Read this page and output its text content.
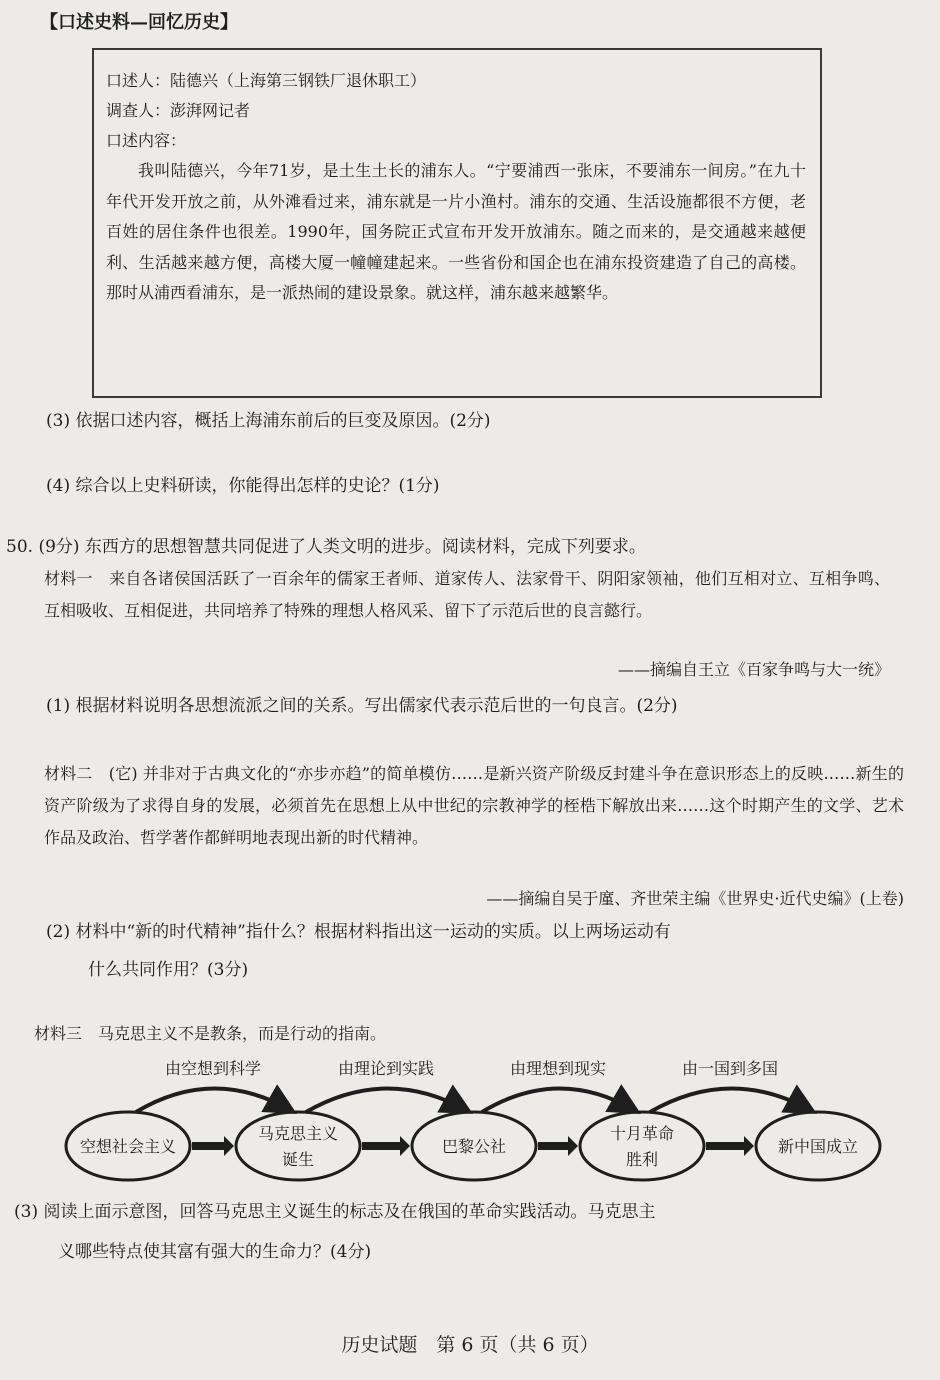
【口述史料—回忆历史】
口述人：陆德兴（上海第三钢铁厂退休职工）
调查人：澎湃网记者
口述内容：
我叫陆德兴，今年71岁，是土生土长的浦东人。“宁要浦西一张床，不要浦东一间房。”在九十年代开发开放之前，从外滩看过来，浦东就是一片小渔村。浦东的交通、生活设施都很不方便，老百姓的居住条件也很差。1990年，国务院正式宣布开发开放浦东。随之而来的，是交通越来越便利、生活越来越方便，高楼大厦一幢幢建起来。一些省份和国企也在浦东投资建造了自己的高楼。那时从浦西看浦东，是一派热闹的建设景象。就这样，浦东越来越繁华。
(3) 依据口述内容，概括上海浦东前后的巨变及原因。(2分)
(4) 综合以上史料研读，你能得出怎样的史论？(1分)
50. (9分) 东西方的思想智慧共同促进了人类文明的进步。阅读材料，完成下列要求。
材料一　来自各诸侯国活跃了一百余年的儒家王者师、道家传人、法家骨干、阴阳家领袖，他们互相对立、互相争鸣、互相吸收、互相促进，共同培养了特殊的理想人格风采、留下了示范后世的良言懿行。
——摘编自王立《百家争鸣与大一统》
(1) 根据材料说明各思想流派之间的关系。写出儒家代表示范后世的一句良言。(2分)
材料二　(它) 并非对于古典文化的“亦步亦趋”的简单模仿……是新兴资产阶级反封建斗争在意识形态上的反映……新生的资产阶级为了求得自身的发展，必须首先在思想上从中世纪的宗教神学的桎梏下解放出来……这个时期产生的文学、艺术作品及政治、哲学著作都鲜明地表现出新的时代精神。
——摘编自吴于廑、齐世荣主编《世界史·近代史编》(上卷)
(2) 材料中“新的时代精神”指什么？根据材料指出这一运动的实质。以上两场运动有
什么共同作用？(3分)
材料三　马克思主义不是教条，而是行动的指南。
空想社会主义
马克思主义
诞生
巴黎公社
十月革命
胜利
新中国成立
由空想到科学	由理论到实践	由理想到现实	由一国到多国
(3) 阅读上面示意图，回答马克思主义诞生的标志及在俄国的革命实践活动。马克思主
义哪些特点使其富有强大的生命力？(4分)
历史试题　第 6 页（共 6 页）
